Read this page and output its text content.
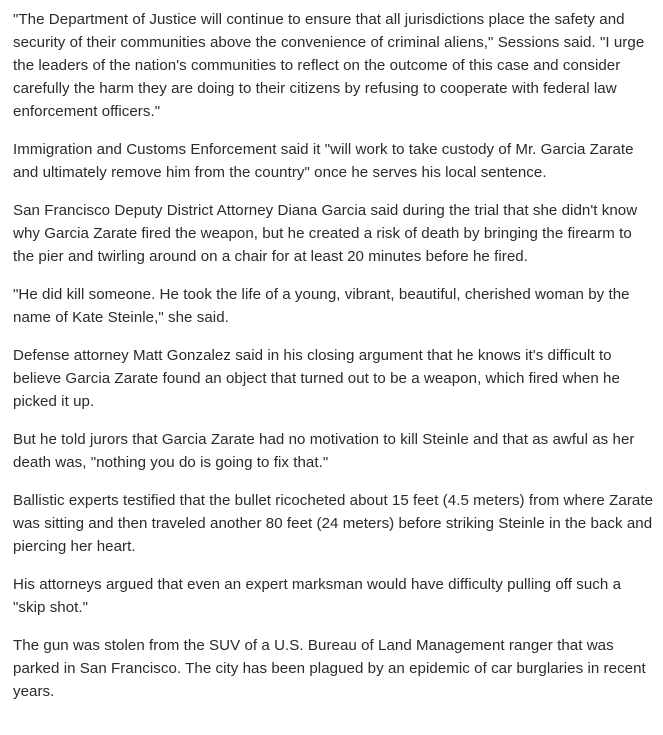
"The Department of Justice will continue to ensure that all jurisdictions place the safety and security of their communities above the convenience of criminal aliens," Sessions said. "I urge the leaders of the nation's communities to reflect on the outcome of this case and consider carefully the harm they are doing to their citizens by refusing to cooperate with federal law enforcement officers."

Immigration and Customs Enforcement said it "will work to take custody of Mr. Garcia Zarate and ultimately remove him from the country" once he serves his local sentence.

San Francisco Deputy District Attorney Diana Garcia said during the trial that she didn't know why Garcia Zarate fired the weapon, but he created a risk of death by bringing the firearm to the pier and twirling around on a chair for at least 20 minutes before he fired.

"He did kill someone. He took the life of a young, vibrant, beautiful, cherished woman by the name of Kate Steinle," she said.

Defense attorney Matt Gonzalez said in his closing argument that he knows it's difficult to believe Garcia Zarate found an object that turned out to be a weapon, which fired when he picked it up.

But he told jurors that Garcia Zarate had no motivation to kill Steinle and that as awful as her death was, "nothing you do is going to fix that."

Ballistic experts testified that the bullet ricocheted about 15 feet (4.5 meters) from where Zarate was sitting and then traveled another 80 feet (24 meters) before striking Steinle in the back and piercing her heart.

His attorneys argued that even an expert marksman would have difficulty pulling off such a "skip shot."

The gun was stolen from the SUV of a U.S. Bureau of Land Management ranger that was parked in San Francisco. The city has been plagued by an epidemic of car burglaries in recent years.
